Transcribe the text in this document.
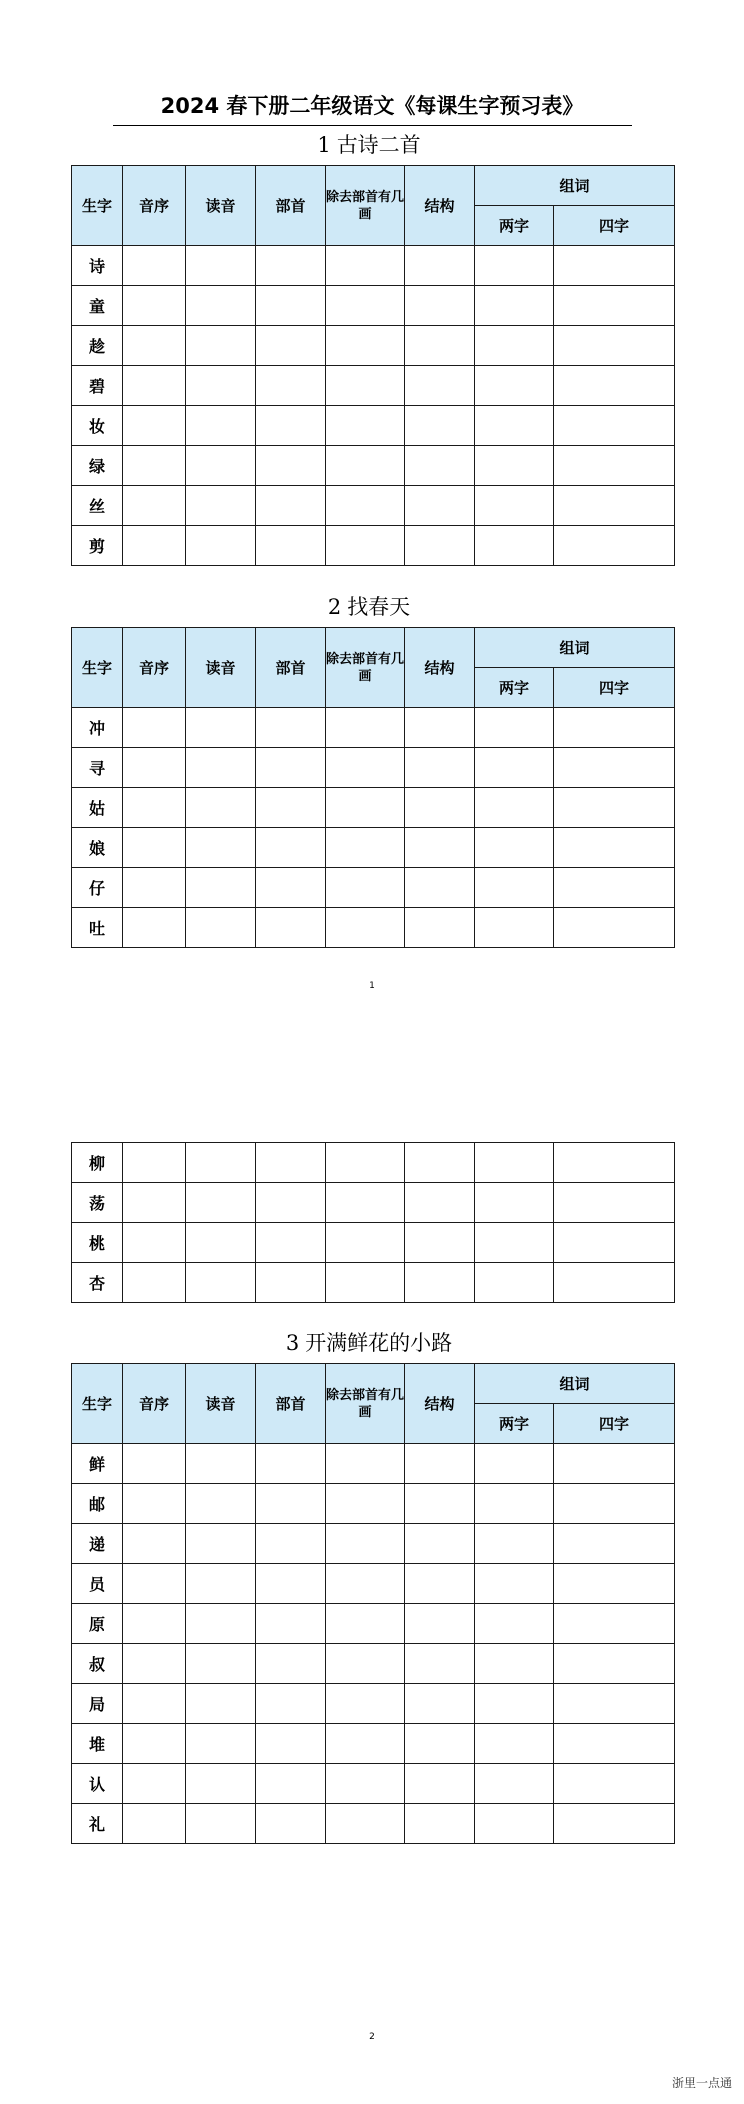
2024 春下册二年级语文《每课生字预习表》
1 古诗二首
生字	音序	读音	部首	除去部首有几画	结构	组词	
						两字	四字
诗							
童							
趁							
碧							
妆							
绿							
丝							
剪							
2 找春天
生字	音序	读音	部首	除去部首有几画	结构	组词	
						两字	四字
冲							
寻							
姑							
娘							
仔							
吐							
1
柳							
荡							
桃							
杏							
3 开满鲜花的小路
生字	音序	读音	部首	除去部首有几画	结构	组词	
						两字	四字
鲜							
邮							
递							
员							
原							
叔							
局							
堆							
认							
礼							
2
浙里一点通
